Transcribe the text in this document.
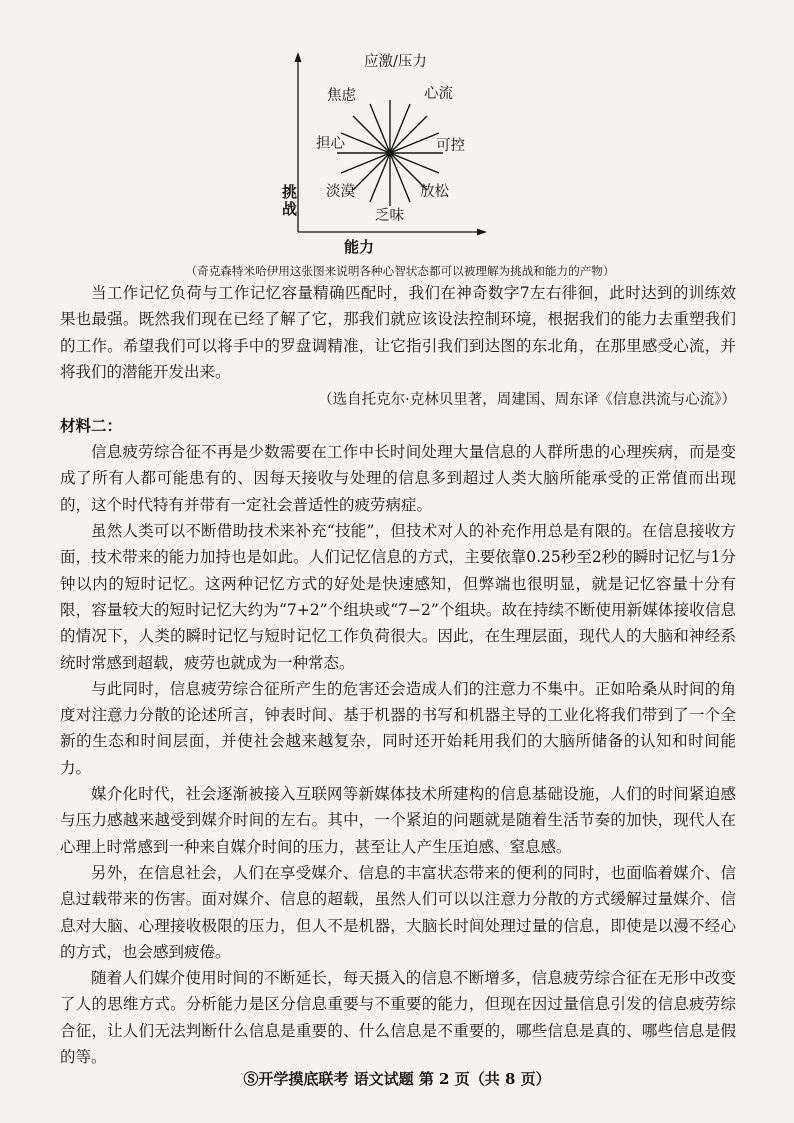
应激/压力
心流
可控
放松
乏味
淡漠
担心
焦虑
挑战
能力
（奇克森特米哈伊用这张图来说明各种心智状态都可以被理解为挑战和能力的产物）

当工作记忆负荷与工作记忆容量精确匹配时，我们在神奇数字7左右徘徊，此时达到的训练效果也最强。既然我们现在已经了解了它，那我们就应该设法控制环境，根据我们的能力去重塑我们的工作。希望我们可以将手中的罗盘调精准，让它指引我们到达图的东北角，在那里感受心流，并将我们的潜能开发出来。

（选自托克尔·克林贝里著，周建国、周东译《信息洪流与心流》）

材料二：

信息疲劳综合征不再是少数需要在工作中长时间处理大量信息的人群所患的心理疾病，而是变成了所有人都可能患有的、因每天接收与处理的信息多到超过人类大脑所能承受的正常值而出现的，这个时代特有并带有一定社会普适性的疲劳病症。

虽然人类可以不断借助技术来补充“技能”，但技术对人的补充作用总是有限的。在信息接收方面，技术带来的能力加持也是如此。人们记忆信息的方式，主要依靠0.25秒至2秒的瞬时记忆与1分钟以内的短时记忆。这两种记忆方式的好处是快速感知，但弊端也很明显，就是记忆容量十分有限，容量较大的短时记忆大约为“7+2”个组块或“7−2”个组块。故在持续不断使用新媒体接收信息的情况下，人类的瞬时记忆与短时记忆工作负荷很大。因此，在生理层面，现代人的大脑和神经系统时常感到超载，疲劳也就成为一种常态。

与此同时，信息疲劳综合征所产生的危害还会造成人们的注意力不集中。正如哈桑从时间的角度对注意力分散的论述所言，钟表时间、基于机器的书写和机器主导的工业化将我们带到了一个全新的生态和时间层面，并使社会越来越复杂，同时还开始耗用我们的大脑所储备的认知和时间能力。

媒介化时代，社会逐渐被接入互联网等新媒体技术所建构的信息基础设施，人们的时间紧迫感与压力感越来越受到媒介时间的左右。其中，一个紧迫的问题就是随着生活节奏的加快，现代人在心理上时常感到一种来自媒介时间的压力，甚至让人产生压迫感、窒息感。

另外，在信息社会，人们在享受媒介、信息的丰富状态带来的便利的同时，也面临着媒介、信息过载带来的伤害。面对媒介、信息的超载，虽然人们可以以注意力分散的方式缓解过量媒介、信息对大脑、心理接收极限的压力，但人不是机器，大脑长时间处理过量的信息，即使是以漫不经心的方式，也会感到疲倦。

随着人们媒介使用时间的不断延长，每天摄入的信息不断增多，信息疲劳综合征在无形中改变了人的思维方式。分析能力是区分信息重要与不重要的能力，但现在因过量信息引发的信息疲劳综合征，让人们无法判断什么信息是重要的、什么信息是不重要的，哪些信息是真的、哪些信息是假的等。

Ⓢ开学摸底联考 语文试题 第 2 页（共 8 页）
